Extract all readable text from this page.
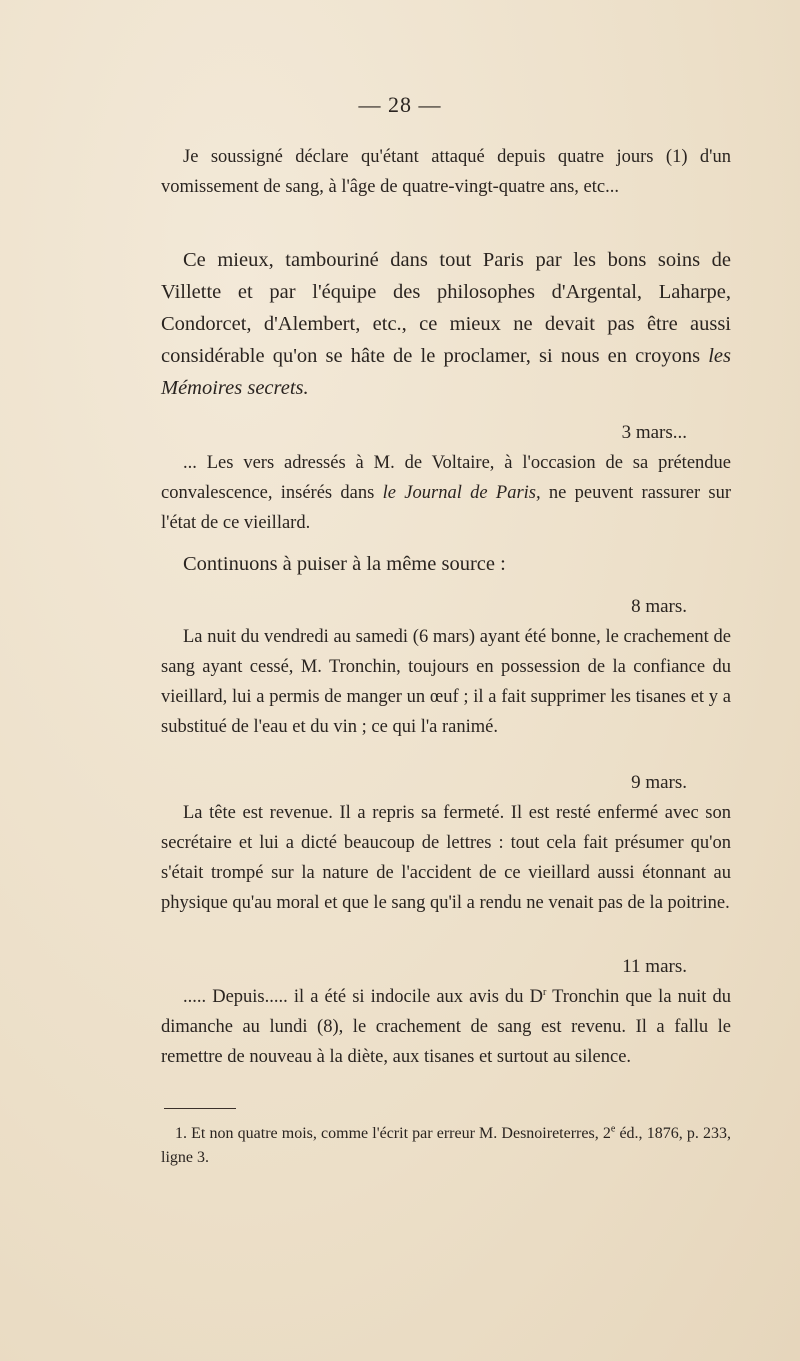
— 28 —

Je soussigné déclare qu'étant attaqué depuis quatre jours (1) d'un vomissement de sang, à l'âge de quatre-vingt-quatre ans, etc...

Ce mieux, tambouriné dans tout Paris par les bons soins de Villette et par l'équipe des philosophes d'Argental, Laharpe, Condorcet, d'Alembert, etc., ce mieux ne devait pas être aussi considérable qu'on se hâte de le proclamer, si nous en croyons les Mémoires secrets.

3 mars...

... Les vers adressés à M. de Voltaire, à l'occasion de sa prétendue convalescence, insérés dans le Journal de Paris, ne peuvent rassurer sur l'état de ce vieillard.

Continuons à puiser à la même source :

8 mars.

La nuit du vendredi au samedi (6 mars) ayant été bonne, le crachement de sang ayant cessé, M. Tronchin, toujours en possession de la confiance du vieillard, lui a permis de manger un œuf ; il a fait supprimer les tisanes et y a substitué de l'eau et du vin ; ce qui l'a ranimé.

9 mars.

La tête est revenue. Il a repris sa fermeté. Il est resté enfermé avec son secrétaire et lui a dicté beaucoup de lettres : tout cela fait présumer qu'on s'était trompé sur la nature de l'accident de ce vieillard aussi étonnant au physique qu'au moral et que le sang qu'il a rendu ne venait pas de la poitrine.

11 mars.

..... Depuis..... il a été si indocile aux avis du $D^r$ Tronchin que la nuit du dimanche au lundi (8), le crachement de sang est revenu. Il a fallu le remettre de nouveau à la diète, aux tisanes et surtout au silence.

1. Et non quatre mois, comme l'écrit par erreur M. Desnoireterres, 2e éd., 1876, p. 233, ligne 3.
